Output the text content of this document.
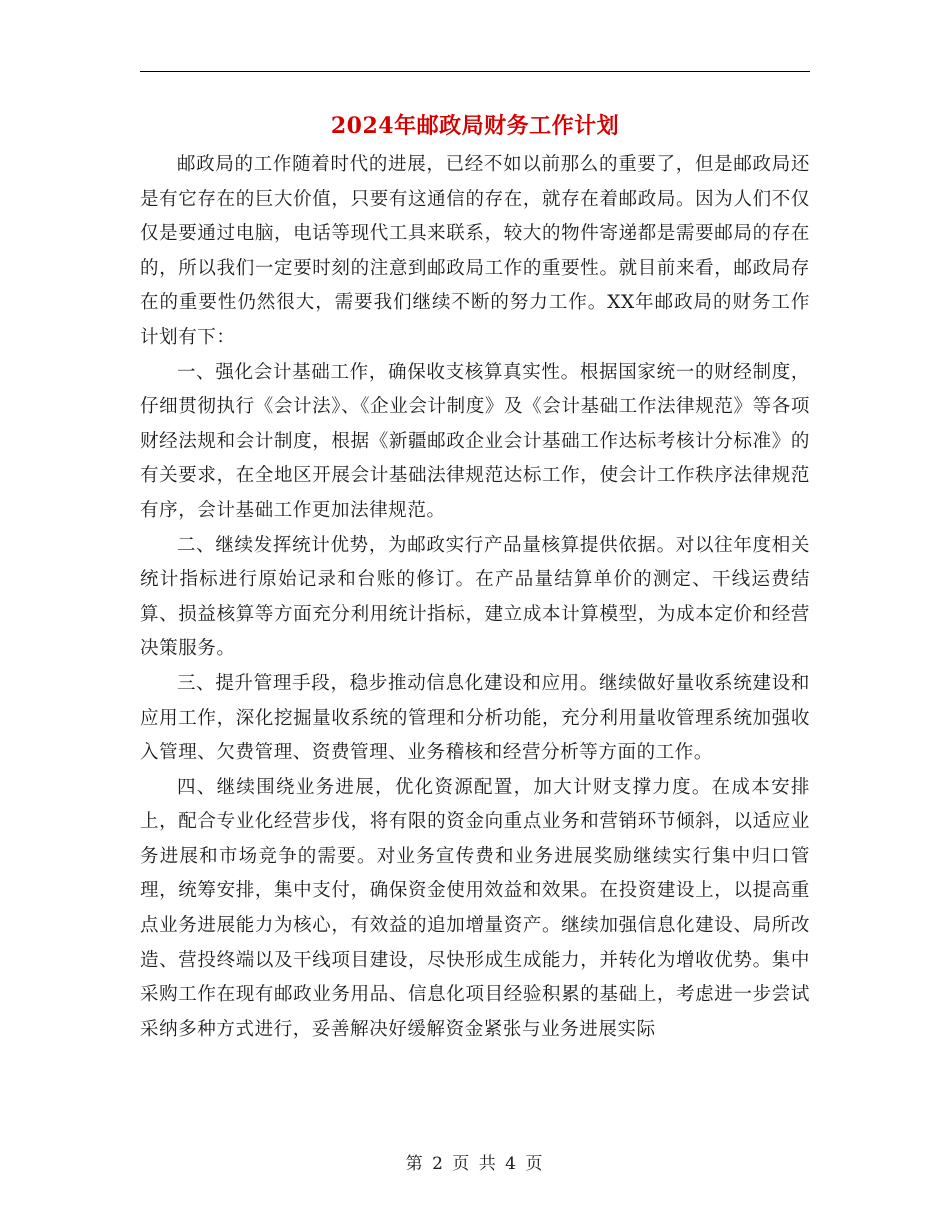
2024年邮政局财务工作计划

邮政局的工作随着时代的进展，已经不如以前那么的重要了，但是邮政局还是有它存在的巨大价值，只要有这通信的存在，就存在着邮政局。因为人们不仅仅是要通过电脑，电话等现代工具来联系，较大的物件寄递都是需要邮局的存在的，所以我们一定要时刻的注意到邮政局工作的重要性。就目前来看，邮政局存在的重要性仍然很大，需要我们继续不断的努力工作。XX年邮政局的财务工作计划有下：

一、强化会计基础工作，确保收支核算真实性。根据国家统一的财经制度，仔细贯彻执行《会计法》、《企业会计制度》及《会计基础工作法律规范》等各项财经法规和会计制度，根据《新疆邮政企业会计基础工作达标考核计分标准》的有关要求，在全地区开展会计基础法律规范达标工作，使会计工作秩序法律规范有序，会计基础工作更加法律规范。

二、继续发挥统计优势，为邮政实行产品量核算提供依据。对以往年度相关统计指标进行原始记录和台账的修订。在产品量结算单价的测定、干线运费结算、损益核算等方面充分利用统计指标，建立成本计算模型，为成本定价和经营决策服务。

三、提升管理手段，稳步推动信息化建设和应用。继续做好量收系统建设和应用工作，深化挖掘量收系统的管理和分析功能，充分利用量收管理系统加强收入管理、欠费管理、资费管理、业务稽核和经营分析等方面的工作。

四、继续围绕业务进展，优化资源配置，加大计财支撑力度。在成本安排上，配合专业化经营步伐，将有限的资金向重点业务和营销环节倾斜，以适应业务进展和市场竞争的需要。对业务宣传费和业务进展奖励继续实行集中归口管理，统筹安排，集中支付，确保资金使用效益和效果。在投资建设上，以提高重点业务进展能力为核心，有效益的追加增量资产。继续加强信息化建设、局所改造、营投终端以及干线项目建设，尽快形成生成能力，并转化为增收优势。集中采购工作在现有邮政业务用品、信息化项目经验积累的基础上，考虑进一步尝试采纳多种方式进行，妥善解决好缓解资金紧张与业务进展实际

第 2 页 共 4 页
